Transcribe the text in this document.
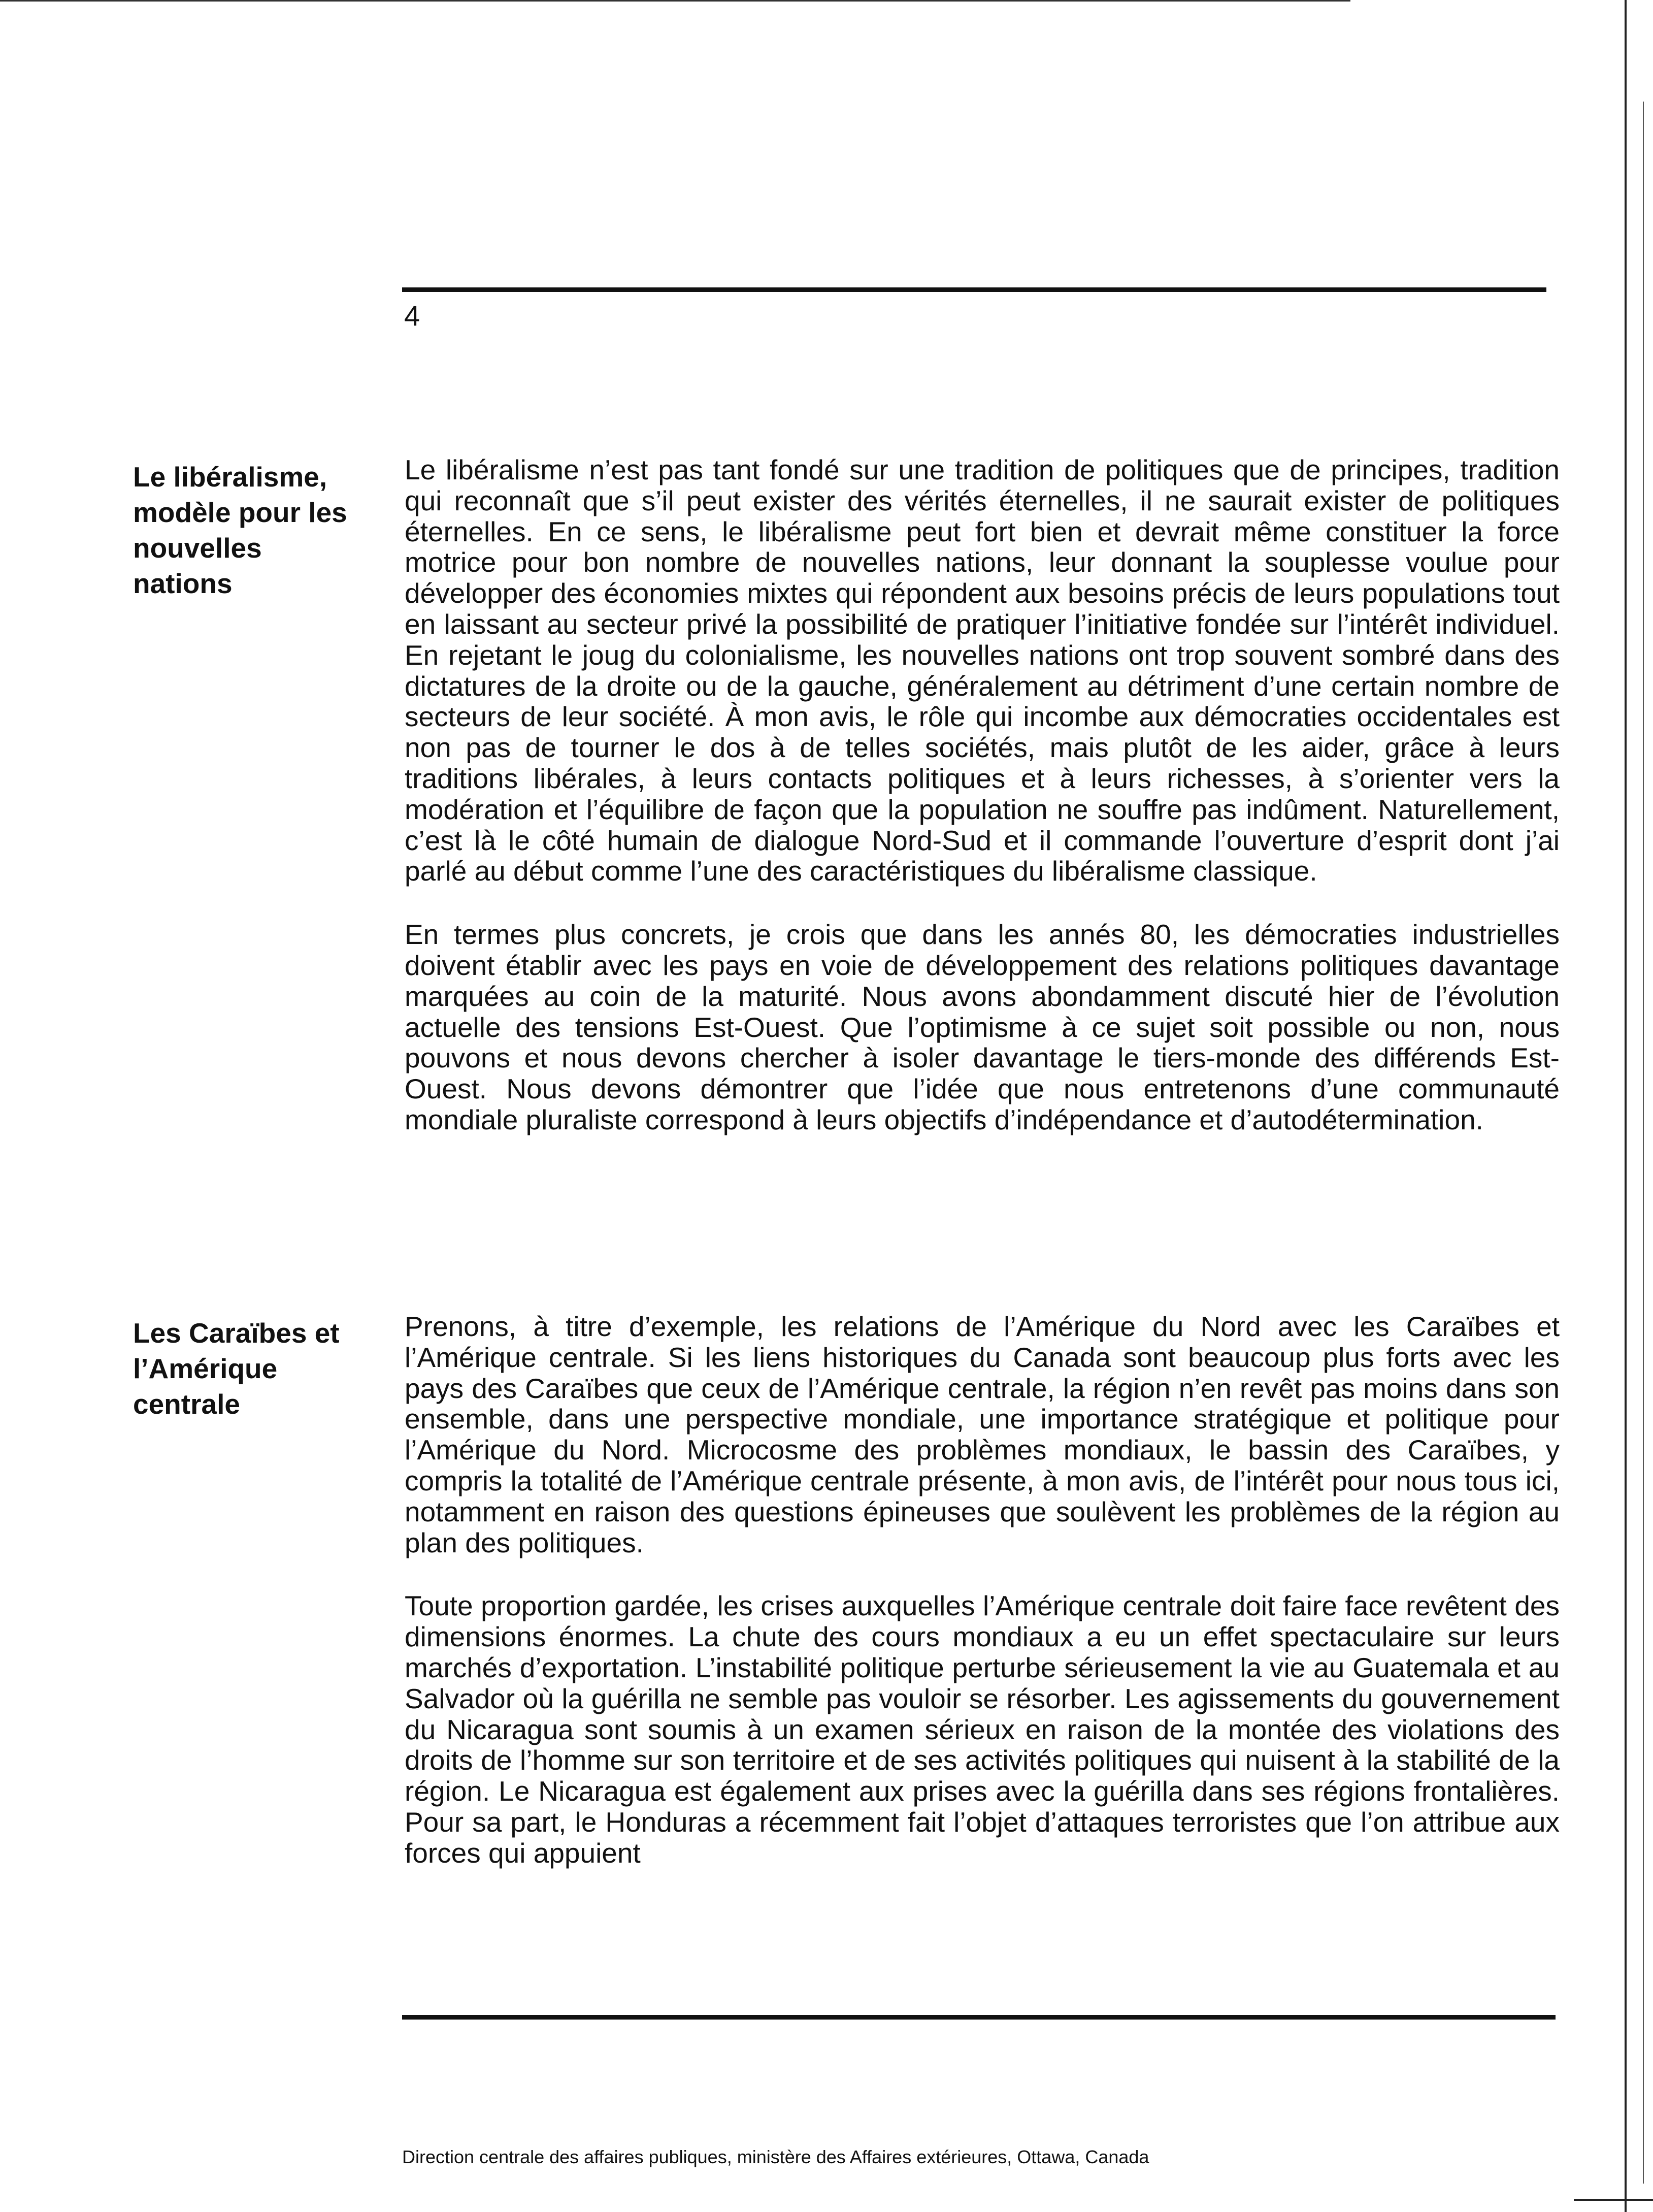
4
Le libéralisme, modèle pour les nouvelles nations

Le libéralisme n’est pas tant fondé sur une tradition de politiques que de principes, tradition qui reconnaît que s’il peut exister des vérités éternelles, il ne saurait exister de politiques éternelles. En ce sens, le libéralisme peut fort bien et devrait même constituer la force motrice pour bon nombre de nouvelles nations, leur donnant la souplesse voulue pour développer des économies mixtes qui répondent aux besoins précis de leurs populations tout en laissant au secteur privé la possibilité de pratiquer l’initiative fondée sur l’intérêt individuel. En rejetant le joug du colonialisme, les nouvelles nations ont trop souvent sombré dans des dictatures de la droite ou de la gauche, généralement au détriment d’une certain nombre de secteurs de leur société. À mon avis, le rôle qui incombe aux démocraties occidentales est non pas de tourner le dos à de telles sociétés, mais plutôt de les aider, grâce à leurs traditions libérales, à leurs contacts politiques et à leurs richesses, à s’orienter vers la modération et l’équilibre de façon que la population ne souffre pas indûment. Naturellement, c’est là le côté humain de dialogue Nord-Sud et il commande l’ouverture d’esprit dont j’ai parlé au début comme l’une des caractéristiques du libéralisme classique.

En termes plus concrets, je crois que dans les annés 80, les démocraties industrielles doivent établir avec les pays en voie de développement des relations politiques davantage marquées au coin de la maturité. Nous avons abondamment discuté hier de l’évolution actuelle des tensions Est-Ouest. Que l’optimisme à ce sujet soit possible ou non, nous pouvons et nous devons chercher à isoler davantage le tiers-monde des différends Est-Ouest. Nous devons démontrer que l’idée que nous entretenons d’une communauté mondiale pluraliste correspond à leurs objectifs d’indépendance et d’autodétermination.

Les Caraïbes et l’Amérique centrale

Prenons, à titre d’exemple, les relations de l’Amérique du Nord avec les Caraïbes et l’Amérique centrale. Si les liens historiques du Canada sont beaucoup plus forts avec les pays des Caraïbes que ceux de l’Amérique centrale, la région n’en revêt pas moins dans son ensemble, dans une perspective mondiale, une importance stratégique et politique pour l’Amérique du Nord. Microcosme des problèmes mondiaux, le bassin des Caraïbes, y compris la totalité de l’Amérique centrale présente, à mon avis, de l’intérêt pour nous tous ici, notamment en raison des questions épineuses que soulèvent les problèmes de la région au plan des politiques.

Toute proportion gardée, les crises auxquelles l’Amérique centrale doit faire face revêtent des dimensions énormes. La chute des cours mondiaux a eu un effet spectaculaire sur leurs marchés d’exportation. L’instabilité politique perturbe sérieusement la vie au Guatemala et au Salvador où la guérilla ne semble pas vouloir se résorber. Les agissements du gouvernement du Nicaragua sont soumis à un examen sérieux en raison de la montée des violations des droits de l’homme sur son territoire et de ses activités politiques qui nuisent à la stabilité de la région. Le Nicaragua est également aux prises avec la guérilla dans ses régions frontalières. Pour sa part, le Honduras a récemment fait l’objet d’attaques terroristes que l’on attribue aux forces qui appuient

Direction centrale des affaires publiques, ministère des Affaires extérieures, Ottawa, Canada
